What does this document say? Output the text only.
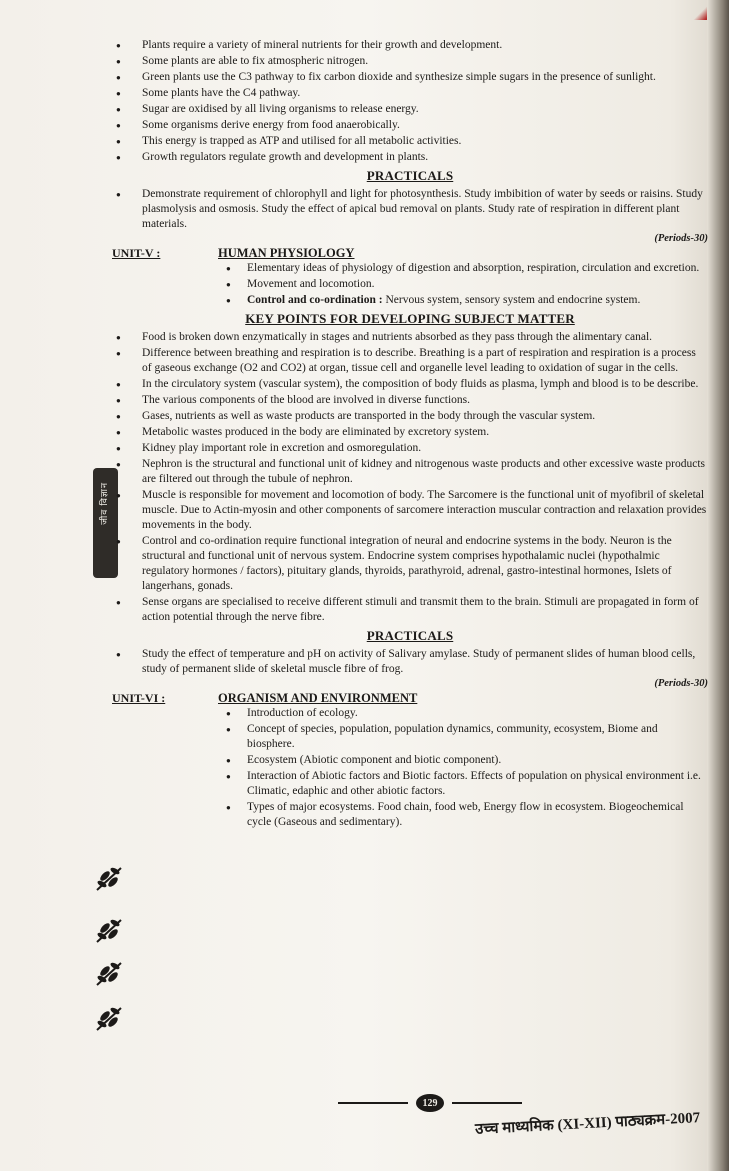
जीव विज्ञान
● Plants require a variety of mineral nutrients for their growth and development.
● Some plants are able to fix atmospheric nitrogen.
● Green plants use the C3 pathway to fix carbon dioxide and synthesize simple sugars in the presence of sunlight.
● Some plants have the C4 pathway.
● Sugar are oxidised by all living organisms to release energy.
● Some organisms derive energy from food anaerobically.
● This energy is trapped as ATP and utilised for all metabolic activities.
● Growth regulators regulate growth and development in plants.
PRACTICALS
● Demonstrate requirement of chlorophyll and light for photosynthesis. Study imbibition of water by seeds or raisins. Study plasmolysis and osmosis. Study the effect of apical bud removal on plants. Study rate of respiration in different plant materials.
(Periods-30)
UNIT-V :	HUMAN PHYSIOLOGY
● Elementary ideas of physiology of digestion and absorption, respiration, circulation and excretion.
● Movement and locomotion.
● Control and co-ordination : Nervous system, sensory system and endocrine system.
KEY POINTS FOR DEVELOPING SUBJECT MATTER
● Food is broken down enzymatically in stages and nutrients absorbed as they pass through the alimentary canal.
● Difference between breathing and respiration is to describe. Breathing is a part of respiration and respiration is a process of gaseous exchange (O2 and CO2) at organ, tissue cell and organelle level leading to oxidation of sugar in the cells.
● In the circulatory system (vascular system), the composition of body fluids as plasma, lymph and blood is to be describe.
● The various components of the blood are involved in diverse functions.
● Gases, nutrients as well as waste products are transported in the body through the vascular system.
● Metabolic wastes produced in the body are eliminated by excretory system.
● Kidney play important role in excretion and osmoregulation.
● Nephron is the structural and functional unit of kidney and nitrogenous waste products and other excessive waste products are filtered out through the tubule of nephron.
● Muscle is responsible for movement and locomotion of body. The Sarcomere is the functional unit of myofibril of skeletal muscle. Due to Actin-myosin and other components of sarcomere interaction muscular contraction and relaxation provides movements in the body.
● Control and co-ordination require functional integration of neural and endocrine systems in the body. Neuron is the structural and functional unit of nervous system. Endocrine system comprises hypothalamic nuclei (hypothalmic regulatory hormones / factors), pituitary glands, thyroids, parathyroid, adrenal, gastro-intestinal hormones, Islets of langerhans, gonads.
● Sense organs are specialised to receive different stimuli and transmit them to the brain. Stimuli are propagated in form of action potential through the nerve fibre.
PRACTICALS
● Study the effect of temperature and pH on activity of Salivary amylase. Study of permanent slides of human blood cells, study of permanent slide of skeletal muscle fibre of frog.
(Periods-30)
UNIT-VI :	ORGANISM AND ENVIRONMENT
● Introduction of ecology.
● Concept of species, population, population dynamics, community, ecosystem, Biome and biosphere.
● Ecosystem (Abiotic component and biotic component).
● Interaction of Abiotic factors and Biotic factors. Effects of population on physical environment i.e. Climatic, edaphic and other abiotic factors.
● Types of major ecosystems. Food chain, food web, Energy flow in ecosystem. Biogeochemical cycle (Gaseous and sedimentary).
129
उच्च माध्यमिक (XI-XII) पाठ्यक्रम-2007
